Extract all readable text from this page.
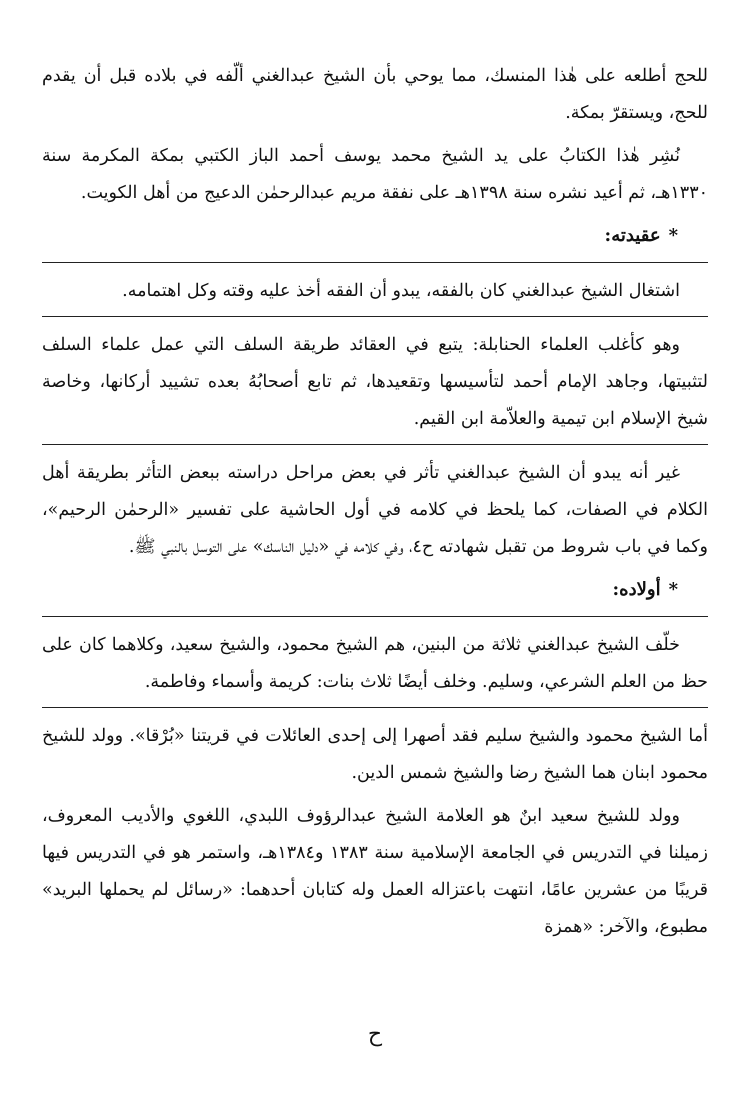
للحج أطلعه على هٰذا المنسك، مما يوحي بأن الشيخ عبدالغني ألّفه في بلاده قبل أن يقدم للحج، ويستقرّ بمكة.

نُشِر هٰذا الكتابُ على يد الشيخ محمد يوسف أحمد الباز الكتبي بمكة المكرمة سنة ١٣٣٠هـ، ثم أعيد نشره سنة ١٣٩٨هـ على نفقة مريم عبدالرحمٰن الدعيج من أهل الكويت.

*عقيدته:

اشتغال الشيخ عبدالغني كان بالفقه، يبدو أن الفقه أخذ عليه وقته وكل اهتمامه.

وهو كأغلب العلماء الحنابلة: يتبع في العقائد طريقة السلف التي عمل علماء السلف لتثبيتها، وجاهد الإمام أحمد لتأسيسها وتقعيدها، ثم تابع أصحابُهُ بعده تشييد أركانها، وخاصة شيخ الإسلام ابن تيمية والعلاّمة ابن القيم.

غير أنه يبدو أن الشيخ عبدالغني تأثر في بعض مراحل دراسته ببعض التأثر بطريقة أهل الكلام في الصفات، كما يلحظ في كلامه في أول الحاشية على تفسير «الرحمٰن الرحيم»، وكما في باب شروط من تقبل شهادته ح٤، وفي كلامه في «دليل الناسك» على التوسل بالنبي ﷺ.

*أولاده:

خلّف الشيخ عبدالغني ثلاثة من البنين، هم الشيخ محمود، والشيخ سعيد، وكلاهما كان على حظ من العلم الشرعي، وسليم. وخلف أيضًا ثلاث بنات: كريمة وأسماء وفاطمة.

أما الشيخ محمود والشيخ سليم فقد أصهرا إلى إحدى العائلات في قريتنا «بُرْقا». وولد للشيخ محمود ابنان هما الشيخ رضا والشيخ شمس الدين.

وولد للشيخ سعيد ابنٌ هو العلامة الشيخ عبدالرؤوف اللبدي، اللغوي والأديب المعروف، زميلنا في التدريس في الجامعة الإسلامية سنة ١٣٨٣ و١٣٨٤هـ، واستمر هو في التدريس فيها قريبًا من عشرين عامًا، انتهت باعتزاله العمل وله كتابان أحدهما: «رسائل لم يحملها البريد» مطبوع، والآخر: «همزة

ح
